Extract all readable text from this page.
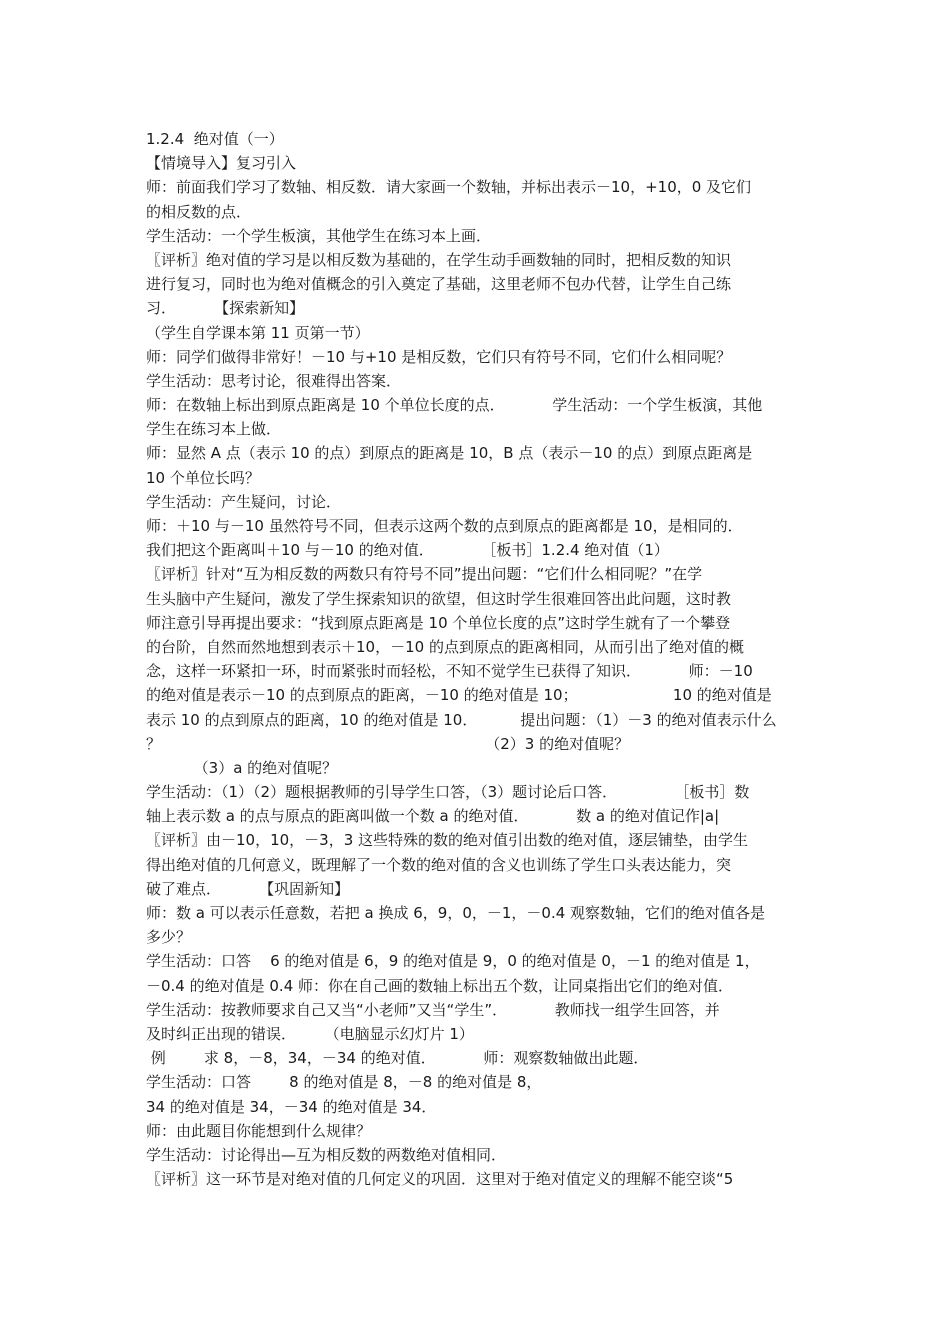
1.2.4  绝对值（一）
【情境导入】复习引入
师：前面我们学习了数轴、相反数．请大家画一个数轴，并标出表示－10，+10，0 及它们
的相反数的点．
学生活动：一个学生板演，其他学生在练习本上画．
〖评析〗绝对值的学习是以相反数为基础的，在学生动手画数轴的同时，把相反数的知识
进行复习，同时也为绝对值概念的引入奠定了基础，这里老师不包办代替，让学生自己练
习．        【探索新知】
（学生自学课本第 11 页第一节）
师：同学们做得非常好！－10 与+10 是相反数，它们只有符号不同，它们什么相同呢？
学生活动：思考讨论，很难得出答案．
师：在数轴上标出到原点距离是 10 个单位长度的点．          学生活动：一个学生板演，其他
学生在练习本上做．
师：显然 A 点（表示 10 的点）到原点的距离是 10，B 点（表示－10 的点）到原点距离是
10 个单位长吗？
学生活动：产生疑问，讨论．
师：＋10 与－10 虽然符号不同，但表示这两个数的点到原点的距离都是 10，是相同的．
我们把这个距离叫＋10 与－10 的绝对值．          ［板书］1.2.4 绝对值（1）
〖评析〗针对“互为相反数的两数只有符号不同”提出问题：“它们什么相同呢？”在学
生头脑中产生疑问，激发了学生探索知识的欲望，但这时学生很难回答出此问题，这时教
师注意引导再提出要求：“找到原点距离是 10 个单位长度的点”这时学生就有了一个攀登
的台阶，自然而然地想到表示＋10，－10 的点到原点的距离相同，从而引出了绝对值的概
念，这样一环紧扣一环，时而紧张时而轻松，不知不觉学生已获得了知识．          师：－10
的绝对值是表示－10 的点到原点的距离，－10 的绝对值是 10；                    10 的绝对值是
表示 10 的点到原点的距离，10 的绝对值是 10．         提出问题：（1）－3 的绝对值表示什么
？                                                                    （2）3 的绝对值呢？
（3）a 的绝对值呢？
学生活动：（1）（2）题根据教师的引导学生口答，（3）题讨论后口答．            ［板书］数
轴上表示数 a 的点与原点的距离叫做一个数 a 的绝对值．          数 a 的绝对值记作|a|
〖评析〗由－10，10，－3，3 这些特殊的数的绝对值引出数的绝对值，逐层铺垫，由学生
得出绝对值的几何意义，既理解了一个数的绝对值的含义也训练了学生口头表达能力，突
破了难点．        【巩固新知】
师：数 a 可以表示任意数，若把 a 换成 6，9，0，－1，－0.4 观察数轴，它们的绝对值各是
多少？
学生活动：口答    6 的绝对值是 6，9 的绝对值是 9，0 的绝对值是 0，－1 的绝对值是 1，
－0.4 的绝对值是 0.4 师：你在自己画的数轴上标出五个数，让同桌指出它们的绝对值．
学生活动：按教师要求自己又当“小老师”又当“学生”．          教师找一组学生回答，并
及时纠正出现的错误．      （电脑显示幻灯片 1）
例        求 8，－8，34，－34 的绝对值．          师：观察数轴做出此题．
学生活动：口答        8 的绝对值是 8，－8 的绝对值是 8，
34 的绝对值是 34，－34 的绝对值是 34．
师：由此题目你能想到什么规律？
学生活动：讨论得出—互为相反数的两数绝对值相同．
〖评析〗这一环节是对绝对值的几何定义的巩固．这里对于绝对值定义的理解不能空谈“5
